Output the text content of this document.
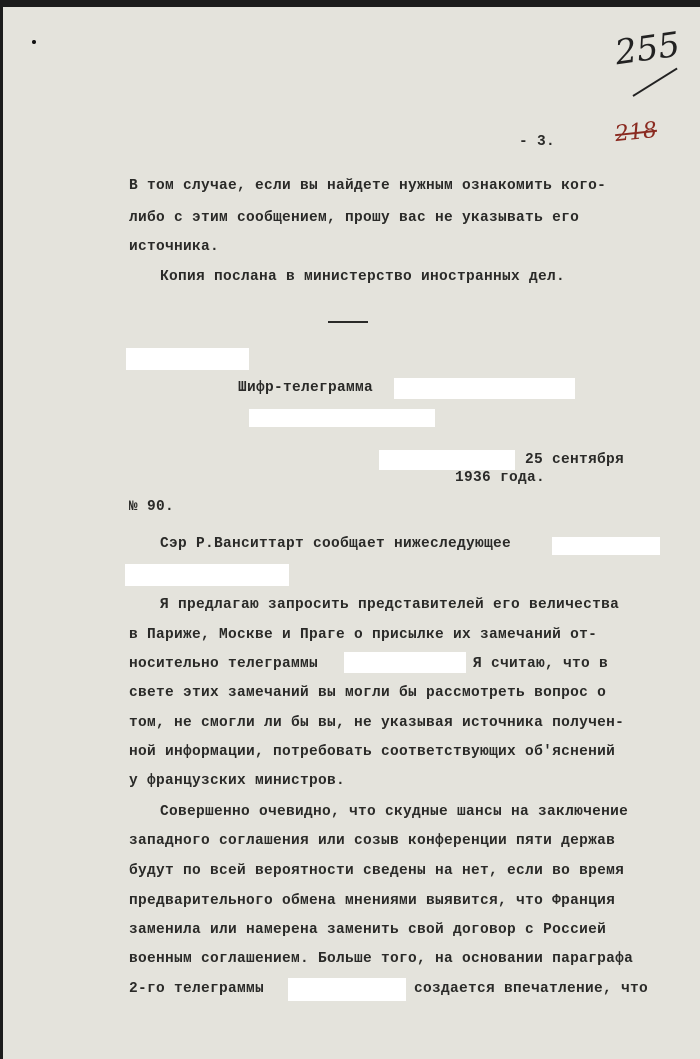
255
- 3.	218
В том случае, если вы найдете нужным ознакомить кого-
либо с этим сообщением, прошу вас не указывать его
источника.
Копия послана в министерство иностранных дел.
Шифр-телеграмма
25 сентября
1936 года.
№ 90.
Сэр Р.Ванситтарт сообщает нижеследующее
Я предлагаю запросить представителей его величества
в Париже, Москве и Праге о присылке их замечаний от-
носительно телеграммы	Я считаю, что в
свете этих замечаний вы могли бы рассмотреть вопрос о
том, не смогли ли бы вы, не указывая источника получен-
ной информации, потребовать соответствующих об'яснений
у французских министров.
Совершенно очевидно, что скудные шансы на заключение
западного соглашения или созыв конференции пяти держав
будут по всей вероятности сведены на нет, если во время
предварительного обмена мнениями выявится, что Франция
заменила или намерена заменить свой договор с Россией
военным соглашением. Больше того, на основании параграфа
2-го телеграммы	создается впечатление, что
